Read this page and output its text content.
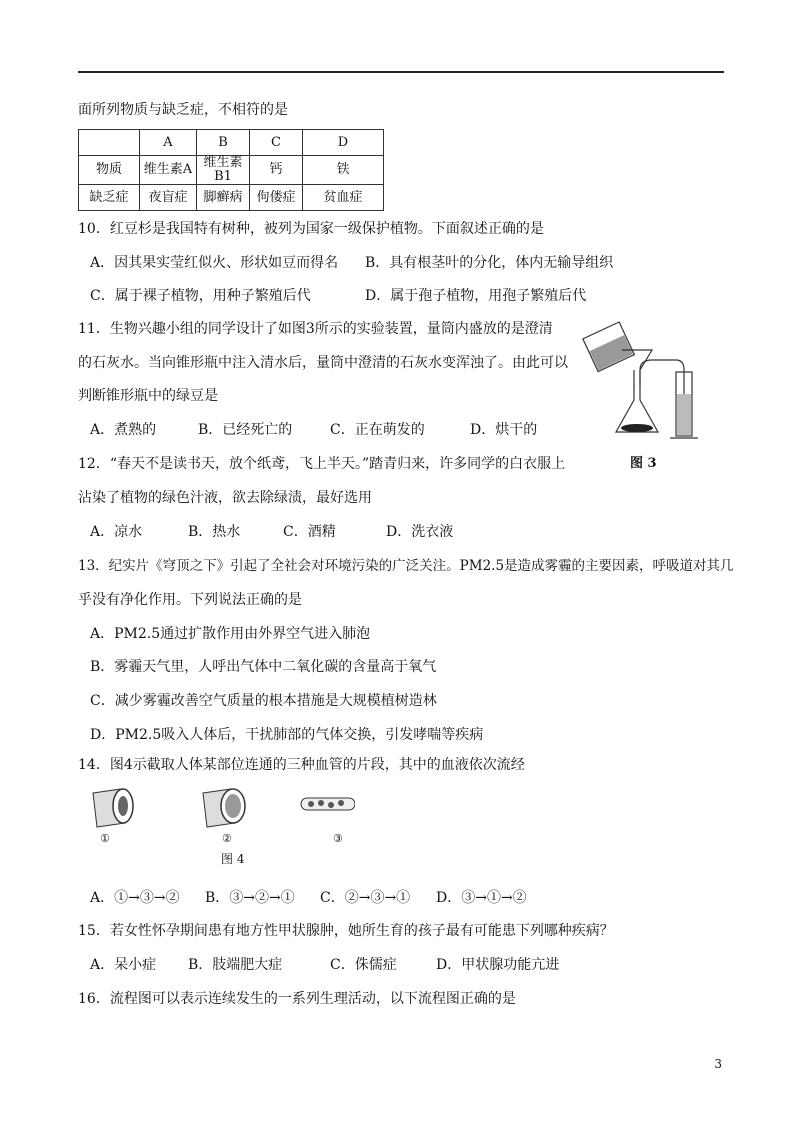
面所列物质与缺乏症，不相符的是
	A	B	C	D
物质	维生素A	维生素B1	钙	铁
缺乏症	夜盲症	脚癣病	佝偻症	贫血症
10．红豆杉是我国特有树种，被列为国家一级保护植物。下面叙述正确的是
A．因其果实莹红似火、形状如豆而得名 B．具有根茎叶的分化，体内无输导组织
C．属于裸子植物，用种子繁殖后代	D．属于孢子植物，用孢子繁殖后代
11．生物兴趣小组的同学设计了如图3所示的实验装置，量筒内盛放的是澄清
的石灰水。当向锥形瓶中注入清水后，量筒中澄清的石灰水变浑浊了。由此可以
判断锥形瓶中的绿豆是
A．煮熟的	B．已经死亡的	C．正在萌发的	D．烘干的
图 3
12．“春天不是读书天，放个纸鸢，飞上半天。”踏青归来，许多同学的白衣服上
沾染了植物的绿色汁液，欲去除绿渍，最好选用
A．凉水	B．热水	C．酒精	D．洗衣液
13．纪实片《穹顶之下》引起了全社会对环境污染的广泛关注。PM2.5是造成雾霾的主要因素，呼吸道对其几
乎没有净化作用。下列说法正确的是
A．PM2.5通过扩散作用由外界空气进入肺泡
B．雾霾天气里，人呼出气体中二氧化碳的含量高于氧气
C．减少雾霾改善空气质量的根本措施是大规模植树造林
D．PM2.5吸入人体后，干扰肺部的气体交换，引发哮喘等疾病
14．图4示截取人体某部位连通的三种血管的片段，其中的血液依次流经
①	②	③
图 4
A．①→③→② B．③→②→① C．②→③→① D．③→①→②
15．若女性怀孕期间患有地方性甲状腺肿，她所生育的孩子最有可能患下列哪种疾病？
A．呆小症 B．肢端肥大症	C．侏儒症	D．甲状腺功能亢进
16．流程图可以表示连续发生的一系列生理活动，以下流程图正确的是
3
